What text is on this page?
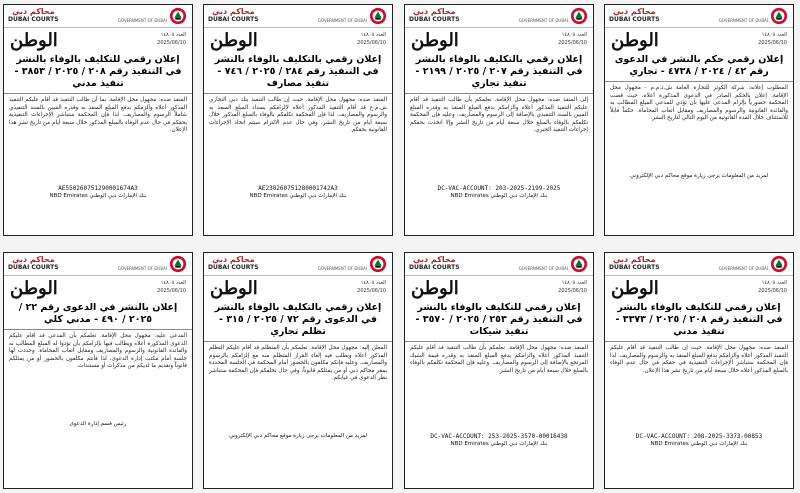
محاكم دبي
DUBAI COURTS	GOVERNMENT OF DUBAI
الوطن	العدد ١٤٨٠٥
2025/06/10
إعلان رقمي حكم بالنشر في الدعوى رقم ٤٢ / ٢٠٢٤ / ٤٧٣٨ - تجاري
المطلوب إعلانه: شركة الكوثر للتجارة العامة ش.ذ.م.م - مجهول محل الإقامة. إعلان بالحكم الصادر في الدعوى المذكورة أعلاه، حيث قضت المحكمة حضورياً بإلزام المدعى عليها بأن تؤدي للمدعي المبلغ المطالب به والفائدة القانونية والرسوم والمصاريف ومقابل أتعاب المحاماة. حكماً قابلاً للاستئناف خلال المدة القانونية من اليوم التالي لتاريخ النشر.
لمزيد من المعلومات يرجى زيارة موقع محاكم دبي الإلكتروني
محاكم دبي
DUBAI COURTS	GOVERNMENT OF DUBAI
الوطن	العدد ١٤٨٠٥
2025/06/10
إعلان رقمي بالتكليف بالوفاء بالنشر في التنفيذ رقم ٢٠٧ / ٢٠٢٥ / ٢١٩٩ - تنفيذ تجاري
إلى المنفذ ضده: مجهول محل الإقامة. نعلمكم بأن طالب التنفيذ قد أقام عليكم التنفيذ المذكور أعلاه والزامكم بدفع المبلغ المنفذ به وقدره المبلغ المبين بالسند التنفيذي بالإضافة إلى الرسوم والمصاريف. وعليه فإن المحكمة تكلفكم بالوفاء بالمبلغ خلال سبعة أيام من تاريخ النشر وإلا اتخذت بحقكم إجراءات التنفيذ الجبري.
DC-VAC-ACCOUNT: 203-2025-2199-2025
بنك الإمارات دبي الوطني NBD Emirates
محاكم دبي
DUBAI COURTS	GOVERNMENT OF DUBAI
الوطن	العدد ١٤٨٠٥
2025/06/10
إعلان رقمي بالتكليف بالوفاء بالنشر في التنفيذ رقم ٢٨٤ / ٢٠٢٥ / ٧٤٦ - تنفيذ مصارف
المنفذ ضده: مجهول محل الإقامة. حيث إن طالب التنفيذ بنك دبي التجاري ش.م.ع قد أقام التنفيذ المذكور أعلاه لإلزامكم بسداد المبلغ المنفذ به والرسوم والمصاريف. لذا فإن المحكمة تكلفكم بالوفاء بالمبلغ المذكور خلال سبعة أيام من تاريخ النشر، وفي حال عدم الالتزام سيتم اتخاذ الإجراءات القانونية بحقكم.
AE230260751280001742A3
بنك الإمارات دبي الوطني NBD Emirates
محاكم دبي
DUBAI COURTS	GOVERNMENT OF DUBAI
الوطن	العدد ١٤٨٠٥
2025/06/10
إعلان رقمي للتكليف بالوفاء بالنشر في التنفيذ رقم ٢٠٨ / ٢٠٢٥ / ٣٨٥٣ - تنفيذ مدني
المنفذ ضده: مجهول محل الإقامة. بما أن طالب التنفيذ قد أقام عليكم التنفيذ المذكور أعلاه وألزمكم بدفع المبلغ المنفذ به وقدره المبين بالسند التنفيذي شاملاً الرسوم والمصاريف. لذا فإن المحكمة ستباشر الإجراءات التنفيذية بحقكم في حال عدم الوفاء بالمبلغ المذكور خلال سبعة أيام من تاريخ نشر هذا الإعلان.
AE550260751290001674A3
بنك الإمارات دبي الوطني NBD Emirates
محاكم دبي
DUBAI COURTS	GOVERNMENT OF DUBAI
الوطن	العدد ١٤٨٠٥
2025/06/10
إعلان رقمي للتكليف بالوفاء بالنشر في التنفيذ رقم ٢٠٨ / ٢٠٢٥ / ٣٣٧٣ - تنفيذ مدني
المنفذ ضده: مجهول محل الإقامة. حيث إن طالب التنفيذ قد أقام عليكم التنفيذ المذكور أعلاه والزامكم بدفع المبلغ المنفذ به والرسوم والمصاريف. لذا فإن المحكمة ستباشر الإجراءات التنفيذية في حقكم في حال عدم الوفاء بالمبلغ المذكور أعلاه خلال سبعة أيام من تاريخ نشر هذا الإعلان.
DC-VAC-ACCOUNT: 208-2025-3373-00853
بنك الإمارات دبي الوطني NBD Emirates
محاكم دبي
DUBAI COURTS	GOVERNMENT OF DUBAI
الوطن	العدد ١٤٨٠٥
2025/06/10
إعلان رقمي للتكليف بالوفاء بالنشر في التنفيذ رقم ٢٥٣ / ٢٠٢٥ / ٣٥٧٠ - تنفيذ شيكات
المنفذ ضده: مجهول محل الإقامة. نعلمكم بأن طالب التنفيذ قد أقام عليكم التنفيذ المذكور أعلاه والزامكم بدفع المبلغ المنفذ به وقدره قيمة الشيك المرتجع بالإضافة إلى الرسوم والمصاريف. وعليه فإن المحكمة تكلفكم بالوفاء بالمبلغ خلال سبعة أيام من تاريخ النشر.
DC-VAC-ACCOUNT: 253-2025-3570-00016438
بنك الإمارات دبي الوطني NBD Emirates
محاكم دبي
DUBAI COURTS	GOVERNMENT OF DUBAI
الوطن	العدد ١٤٨٠٥
2025/06/10
إعلان رقمي بالتكليف بالوفاء بالنشر في الدعوى رقم ٧٢ / ٢٠٢٥ / ٣١٥ - تظلم تجاري
المعلن إليه: مجهول محل الإقامة. نعلمكم بأن المتظلم قد أقام عليكم التظلم المذكور أعلاه ويطلب فيه إلغاء القرار المتظلم منه مع إلزامكم بالرسوم والمصاريف. وعليه فإنكم مكلفون بالحضور أمام المحكمة في الجلسة المحددة بمقر محاكم دبي أو من يمثلكم قانوناً، وفي حال تخلفكم فإن المحكمة ستباشر نظر الدعوى في غيابكم.
لمزيد من المعلومات يرجى زيارة موقع محاكم دبي الإلكتروني
محاكم دبي
DUBAI COURTS	GOVERNMENT OF DUBAI
الوطن	العدد ١٤٨٠٥
2025/06/10
إعلان بالنشر في الدعوى رقم ٢٢ / ٢٠٢٥ / ٤٩٠ - مدني كلي
المدعى عليه: مجهول محل الإقامة. نعلمكم بأن المدعي قد أقام عليكم الدعوى المذكورة أعلاه ويطالب فيها بإلزامكم بأن تؤدوا له المبلغ المطالب به والفائدة القانونية والرسوم والمصاريف ومقابل أتعاب المحاماة. وحددت لها جلسة أمام مكتب إدارة الدعوى، لذا فأنتم مكلفون بالحضور أو من يمثلكم قانوناً وتقديم ما لديكم من مذكرات أو مستندات.
رئيس قسم إدارة الدعوى
